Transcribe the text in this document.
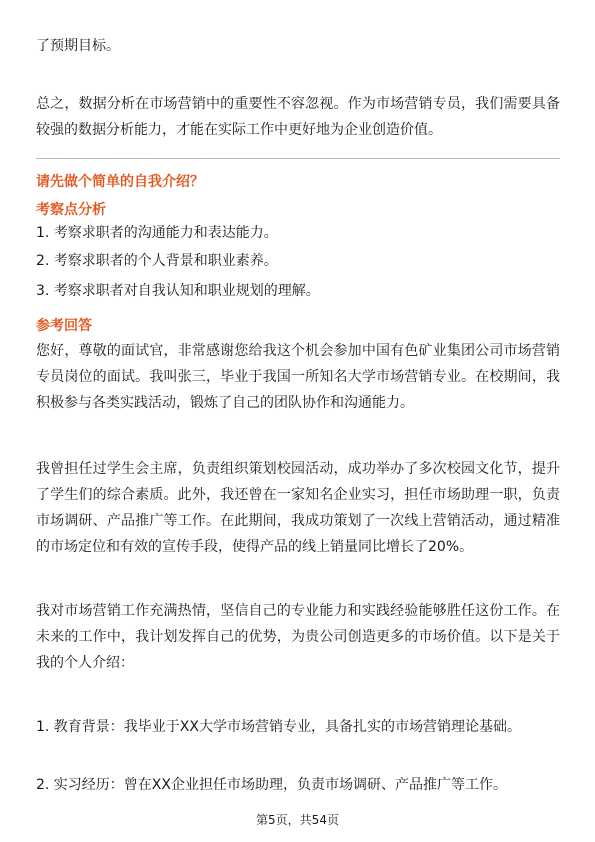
了预期目标。

总之，数据分析在市场营销中的重要性不容忽视。作为市场营销专员，我们需要具备较强的数据分析能力，才能在实际工作中更好地为企业创造价值。

请先做个简单的自我介绍？

考察点分析

1. 考察求职者的沟通能力和表达能力。

2. 考察求职者的个人背景和职业素养。

3. 考察求职者对自我认知和职业规划的理解。

参考回答

您好，尊敬的面试官，非常感谢您给我这个机会参加中国有色矿业集团公司市场营销专员岗位的面试。我叫张三，毕业于我国一所知名大学市场营销专业。在校期间，我积极参与各类实践活动，锻炼了自己的团队协作和沟通能力。

我曾担任过学生会主席，负责组织策划校园活动，成功举办了多次校园文化节，提升了学生们的综合素质。此外，我还曾在一家知名企业实习，担任市场助理一职，负责市场调研、产品推广等工作。在此期间，我成功策划了一次线上营销活动，通过精准的市场定位和有效的宣传手段，使得产品的线上销量同比增长了20%。

我对市场营销工作充满热情，坚信自己的专业能力和实践经验能够胜任这份工作。在未来的工作中，我计划发挥自己的优势，为贵公司创造更多的市场价值。以下是关于我的个人介绍：

1. 教育背景：我毕业于XX大学市场营销专业，具备扎实的市场营销理论基础。

2. 实习经历：曾在XX企业担任市场助理，负责市场调研、产品推广等工作。

第5页，共54页
